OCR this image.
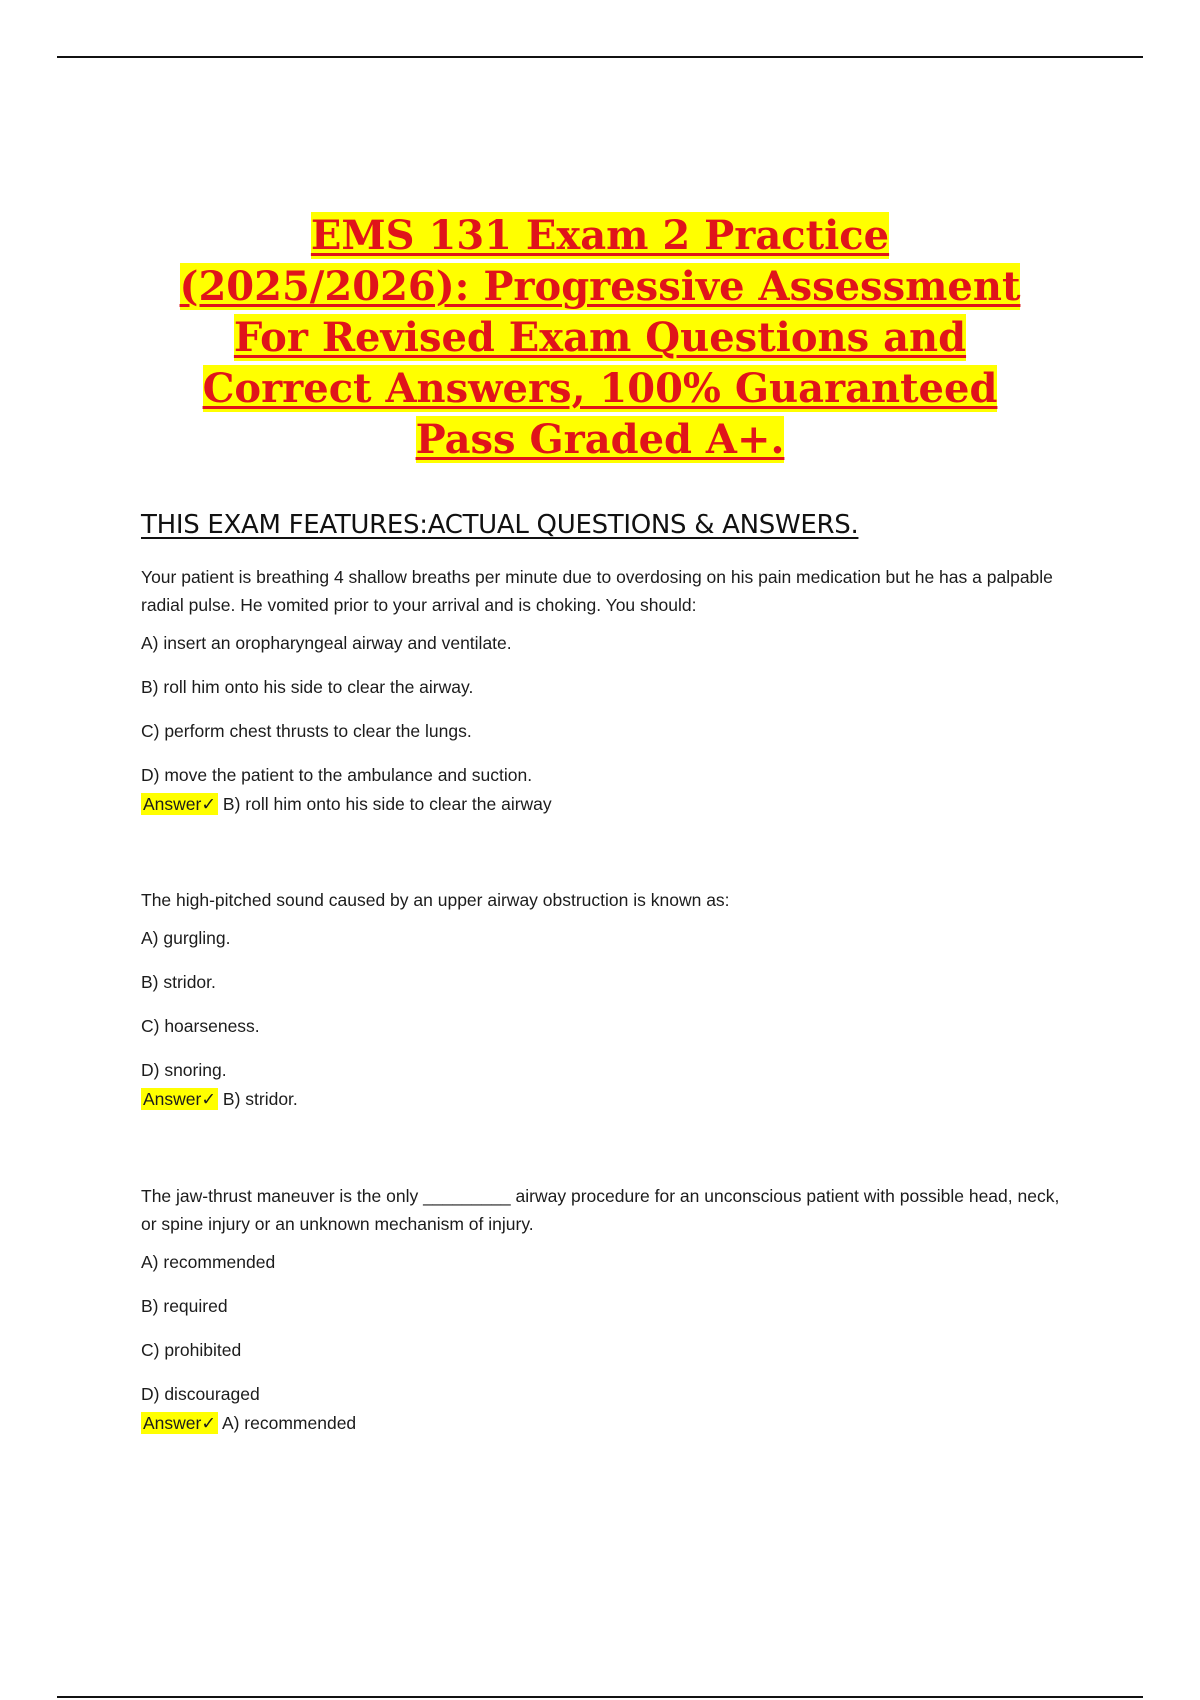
EMS 131 Exam 2 Practice (2025/2026): Progressive Assessment For Revised Exam Questions and Correct Answers, 100% Guaranteed Pass Graded A+.
THIS EXAM FEATURES:ACTUAL QUESTIONS & ANSWERS.

Your patient is breathing 4 shallow breaths per minute due to overdosing on his pain medication but he has a palpable radial pulse. He vomited prior to your arrival and is choking. You should:

A) insert an oropharyngeal airway and ventilate.

B) roll him onto his side to clear the airway.

C) perform chest thrusts to clear the lungs.

D) move the patient to the ambulance and suction.

Answer✓ B) roll him onto his side to clear the airway

The high-pitched sound caused by an upper airway obstruction is known as:

A) gurgling.

B) stridor.

C) hoarseness.

D) snoring.

Answer✓ B) stridor.

The jaw-thrust maneuver is the only _________ airway procedure for an unconscious patient with possible head, neck, or spine injury or an unknown mechanism of injury.

A) recommended

B) required

C) prohibited

D) discouraged

Answer✓ A) recommended
